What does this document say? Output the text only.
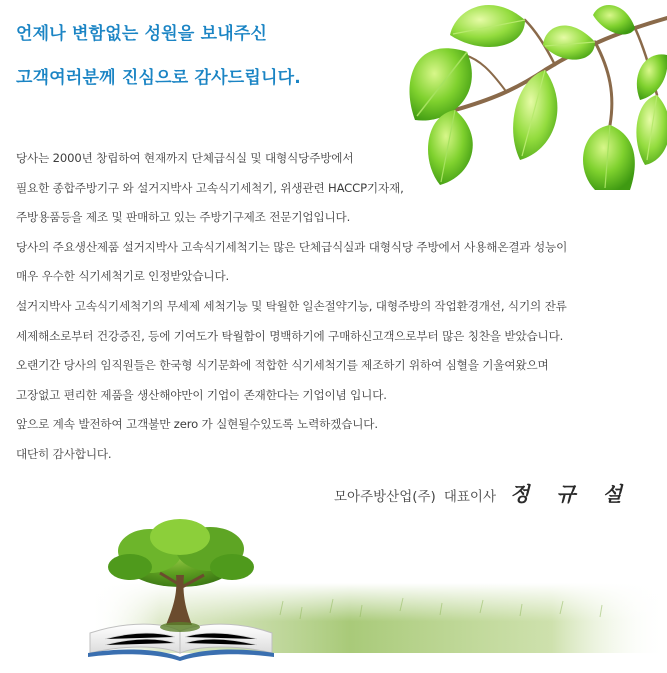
언제나 변함없는 성원을 보내주신
고객여러분께 진심으로 감사드립니다.
당사는 2000년 창립하여 현재까지 단체급식실 및 대형식당주방에서
필요한 종합주방기구 와 설거지박사 고속식기세척기, 위생관련 HACCP기자재,
주방용품등을 제조 및 판매하고 있는 주방기구제조 전문기업입니다.
당사의 주요생산제품 설거지박사 고속식기세척기는 많은 단체급식실과 대형식당 주방에서 사용해온결과 성능이
매우 우수한 식기세척기로 인정받았습니다.
설거지박사 고속식기세척기의 무세제 세척기능 및 탁월한 일손절약기능, 대형주방의 작업환경개선, 식기의 잔류
세제해소로부터 건강증진, 등에 기여도가 탁월함이 명백하기에 구매하신고객으로부터 많은 칭찬을 받았습니다.
오랜기간 당사의 임직원들은 한국형 식기문화에 적합한 식기세척기를 제조하기 위하여 심혈을 기울여왔으며
고장없고 편리한 제품을 생산해야만이 기업이 존재한다는 기업이념 입니다.
앞으로 계속 발전하여 고객불만 zero 가 실현될수있도록 노력하겠습니다.
대단히 감사합니다.
모아주방산업(주) 대표이사 정 규 설
